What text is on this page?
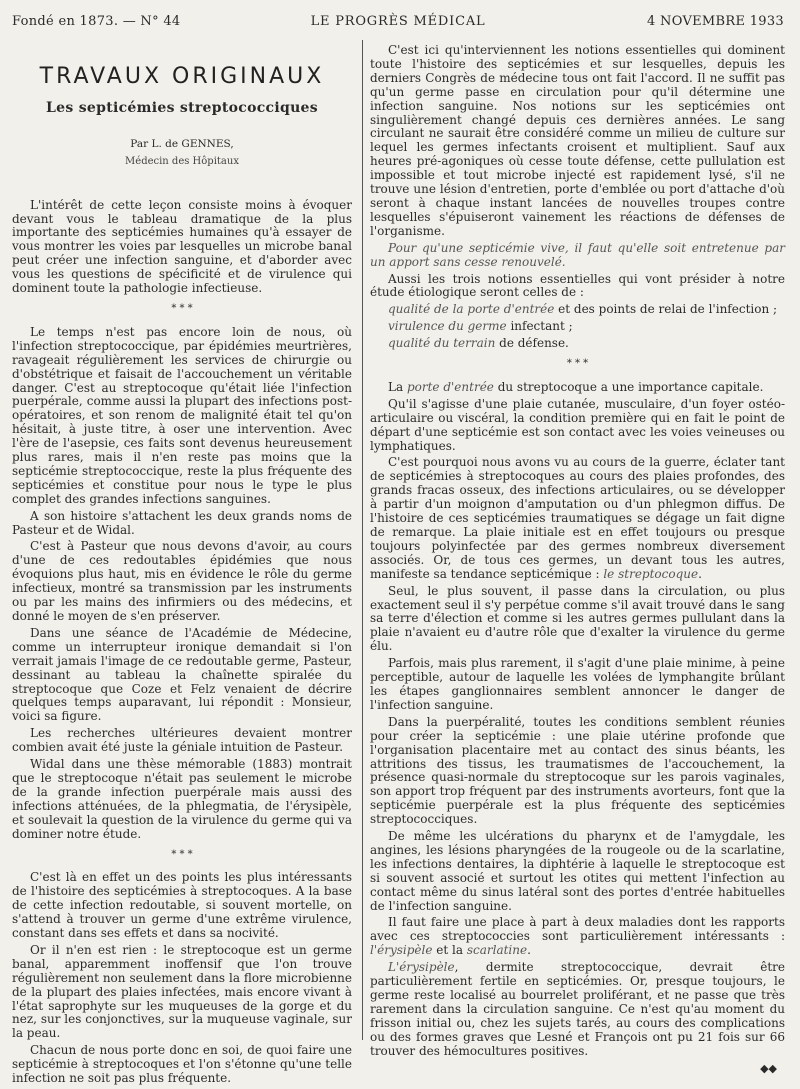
Fondé en 1873. — N° 44	LE PROGRÈS MÉDICAL	4 NOVEMBRE 1933
TRAVAUX ORIGINAUX
Les septicémies streptococciques
Par L. de GENNES,
Médecin des Hôpitaux

L'intérêt de cette leçon consiste moins à évoquer devant vous le tableau dramatique de la plus importante des septicémies humaines qu'à essayer de vous montrer les voies par lesquelles un microbe banal peut créer une infection sanguine, et d'aborder avec vous les questions de spécificité et de virulence qui dominent toute la pathologie infectieuse.

* * *

Le temps n'est pas encore loin de nous, où l'infection streptococcique, par épidémies meurtrières, ravageait régulièrement les services de chirurgie ou d'obstétrique et faisait de l'accouchement un véritable danger. C'est au streptocoque qu'était liée l'infection puerpérale, comme aussi la plupart des infections post-opératoires, et son renom de malignité était tel qu'on hésitait, à juste titre, à oser une intervention. Avec l'ère de l'asepsie, ces faits sont devenus heureusement plus rares, mais il n'en reste pas moins que la septicémie streptococcique, reste la plus fréquente des septicémies et constitue pour nous le type le plus complet des grandes infections sanguines.

A son histoire s'attachent les deux grands noms de Pasteur et de Widal.

C'est à Pasteur que nous devons d'avoir, au cours d'une de ces redoutables épidémies que nous évoquions plus haut, mis en évidence le rôle du germe infectieux, montré sa transmission par les instruments ou par les mains des infirmiers ou des médecins, et donné le moyen de s'en préserver.

Dans une séance de l'Académie de Médecine, comme un interrupteur ironique demandait si l'on verrait jamais l'image de ce redoutable germe, Pasteur, dessinant au tableau la chaînette spiralée du streptocoque que Coze et Felz venaient de décrire quelques temps auparavant, lui répondit : Monsieur, voici sa figure.

Les recherches ultérieures devaient montrer combien avait été juste la géniale intuition de Pasteur.

Widal dans une thèse mémorable (1883) montrait que le streptocoque n'était pas seulement le microbe de la grande infection puerpérale mais aussi des infections atténuées, de la phlegmatia, de l'érysipèle, et soulevait la question de la virulence du germe qui va dominer notre étude.

* * *

C'est là en effet un des points les plus intéressants de l'histoire des septicémies à streptocoques. A la base de cette infection redoutable, si souvent mortelle, on s'attend à trouver un germe d'une extrême virulence, constant dans ses effets et dans sa nocivité.

Or il n'en est rien : le streptocoque est un germe banal, apparemment inoffensif que l'on trouve régulièrement non seulement dans la flore microbienne de la plupart des plaies infectées, mais encore vivant à l'état saprophyte sur les muqueuses de la gorge et du nez, sur les conjonctives, sur la muqueuse vaginale, sur la peau.

Chacun de nous porte donc en soi, de quoi faire une septicémie à streptocoques et l'on s'étonne qu'une telle infection ne soit pas plus fréquente.

C'est ici qu'interviennent les notions essentielles qui dominent toute l'histoire des septicémies et sur lesquelles, depuis les derniers Congrès de médecine tous ont fait l'accord. Il ne suffit pas qu'un germe passe en circulation pour qu'il détermine une infection sanguine. Nos notions sur les septicémies ont singulièrement changé depuis ces dernières années. Le sang circulant ne saurait être considéré comme un milieu de culture sur lequel les germes infectants croisent et multiplient. Sauf aux heures pré-agoniques où cesse toute défense, cette pullulation est impossible et tout microbe injecté est rapidement lysé, s'il ne trouve une lésion d'entretien, porte d'emblée ou port d'attache d'où seront à chaque instant lancées de nouvelles troupes contre lesquelles s'épuiseront vainement les réactions de défenses de l'organisme.

Pour qu'une septicémie vive, il faut qu'elle soit entretenue par un apport sans cesse renouvelé.

Aussi les trois notions essentielles qui vont présider à notre étude étiologique seront celles de :

qualité de la porte d'entrée et des points de relai de l'infection ;

virulence du germe infectant ;

qualité du terrain de défense.

* * *

La porte d'entrée du streptocoque a une importance capitale.

Qu'il s'agisse d'une plaie cutanée, musculaire, d'un foyer ostéo-articulaire ou viscéral, la condition première qui en fait le point de départ d'une septicémie est son contact avec les voies veineuses ou lymphatiques.

C'est pourquoi nous avons vu au cours de la guerre, éclater tant de septicémies à streptocoques au cours des plaies profondes, des grands fracas osseux, des infections articulaires, ou se développer à partir d'un moignon d'amputation ou d'un phlegmon diffus. De l'histoire de ces septicémies traumatiques se dégage un fait digne de remarque. La plaie initiale est en effet toujours ou presque toujours polyinfectée par des germes nombreux diversement associés. Or, de tous ces germes, un devant tous les autres, manifeste sa tendance septicémique : le streptocoque.

Seul, le plus souvent, il passe dans la circulation, ou plus exactement seul il s'y perpétue comme s'il avait trouvé dans le sang sa terre d'élection et comme si les autres germes pullulant dans la plaie n'avaient eu d'autre rôle que d'exalter la virulence du germe élu.

Parfois, mais plus rarement, il s'agit d'une plaie minime, à peine perceptible, autour de laquelle les volées de lymphangite brûlant les étapes ganglionnaires semblent annoncer le danger de l'infection sanguine.

Dans la puerpéralité, toutes les conditions semblent réunies pour créer la septicémie : une plaie utérine profonde que l'organisation placentaire met au contact des sinus béants, les attritions des tissus, les traumatismes de l'accouchement, la présence quasi-normale du streptocoque sur les parois vaginales, son apport trop fréquent par des instruments avorteurs, font que la septicémie puerpérale est la plus fréquente des septicémies streptococciques.

De même les ulcérations du pharynx et de l'amygdale, les angines, les lésions pharyngées de la rougeole ou de la scarlatine, les infections dentaires, la diphtérie à laquelle le streptocoque est si souvent associé et surtout les otites qui mettent l'infection au contact même du sinus latéral sont des portes d'entrée habituelles de l'infection sanguine.

Il faut faire une place à part à deux maladies dont les rapports avec ces streptococcies sont particulièrement intéressants : l'érysipèle et la scarlatine.

L'érysipèle, dermite streptococcique, devrait être particulièrement fertile en septicémies. Or, presque toujours, le germe reste localisé au bourrelet proliférant, et ne passe que très rarement dans la circulation sanguine. Ce n'est qu'au moment du frisson initial ou, chez les sujets tarés, au cours des complications ou des formes graves que Lesné et François ont pu 21 fois sur 66 trouver des hémocultures positives.

◆◆
